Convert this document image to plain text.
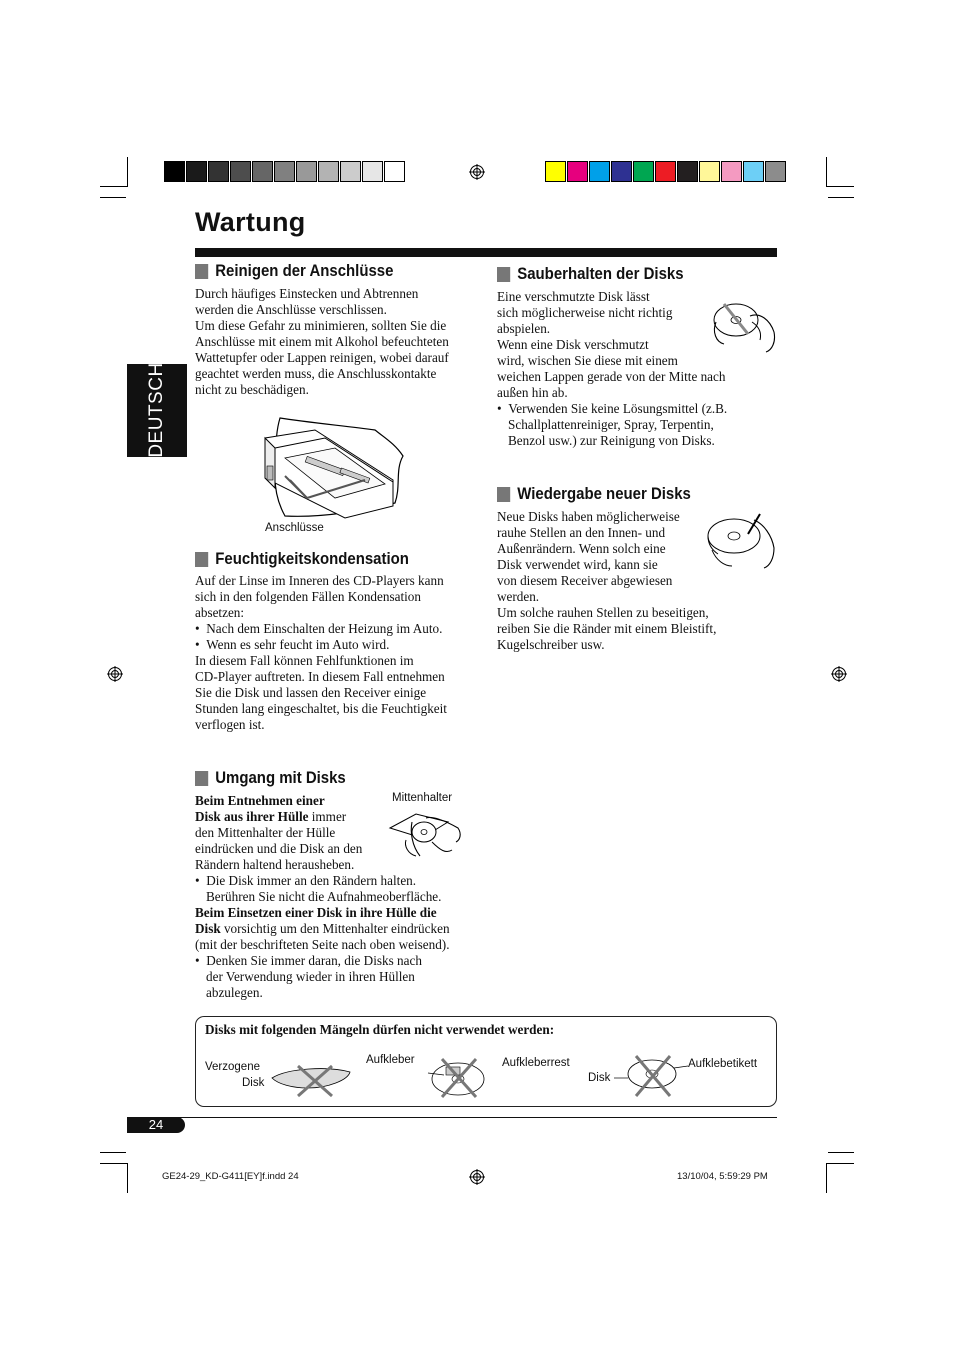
Wartung
DEUTSCH
Reinigen der Anschlüsse

Durch häufiges Einstecken und Abtrennen

werden die Anschlüsse verschlissen.

Um diese Gefahr zu minimieren, sollten Sie die

Anschlüsse mit einem mit Alkohol befeuchteten

Wattetupfer oder Lappen reinigen, wobei darauf

geachtet werden muss, die Anschlusskontakte

nicht zu beschädigen.

Anschlüsse
Feuchtigkeitskondensation

Auf der Linse im Inneren des CD-Players kann

sich in den folgenden Fällen Kondensation

absetzen:

•  Nach dem Einschalten der Heizung im Auto.

•  Wenn es sehr feucht im Auto wird.

In diesem Fall können Fehlfunktionen im

CD-Player auftreten. In diesem Fall entnehmen

Sie die Disk und lassen den Receiver einige

Stunden lang eingeschaltet, bis die Feuchtigkeit

verflogen ist.

Umgang mit Disks
Mittenhalter

Beim Entnehmen einer

Disk aus ihrer Hülle immer

den Mittenhalter der Hülle

eindrücken und die Disk an den

Rändern haltend herausheben.

•  Die Disk immer an den Rändern halten.

Berühren Sie nicht die Aufnahmeoberfläche.

Beim Einsetzen einer Disk in ihre Hülle die

Disk vorsichtig um den Mittenhalter eindrücken

(mit der beschrifteten Seite nach oben weisend).

•  Denken Sie immer daran, die Disks nach

der Verwendung wieder in ihren Hüllen

abzulegen.

Sauberhalten der Disks

Eine verschmutzte Disk lässt

sich möglicherweise nicht richtig

abspielen.

Wenn eine Disk verschmutzt

wird, wischen Sie diese mit einem

weichen Lappen gerade von der Mitte nach

außen hin ab.

•  Verwenden Sie keine Lösungsmittel (z.B.

Schallplattenreiniger, Spray, Terpentin,

Benzol usw.) zur Reinigung von Disks.

Wiedergabe neuer Disks

Neue Disks haben möglicherweise

rauhe Stellen an den Innen- und

Außenrändern. Wenn solch eine

Disk verwendet wird, kann sie

von diesem Receiver abgewiesen

werden.

Um solche rauhen Stellen zu beseitigen,

reiben Sie die Ränder mit einem Bleistift,

Kugelschreiber usw.

Disks mit folgenden Mängeln dürfen nicht verwendet werden:
Verzogene
Disk
Aufkleber	Aufkleberrest
Disk
Aufklebetikett
24
GE24-29_KD-G411[EY]f.indd 24	13/10/04, 5:59:29 PM
